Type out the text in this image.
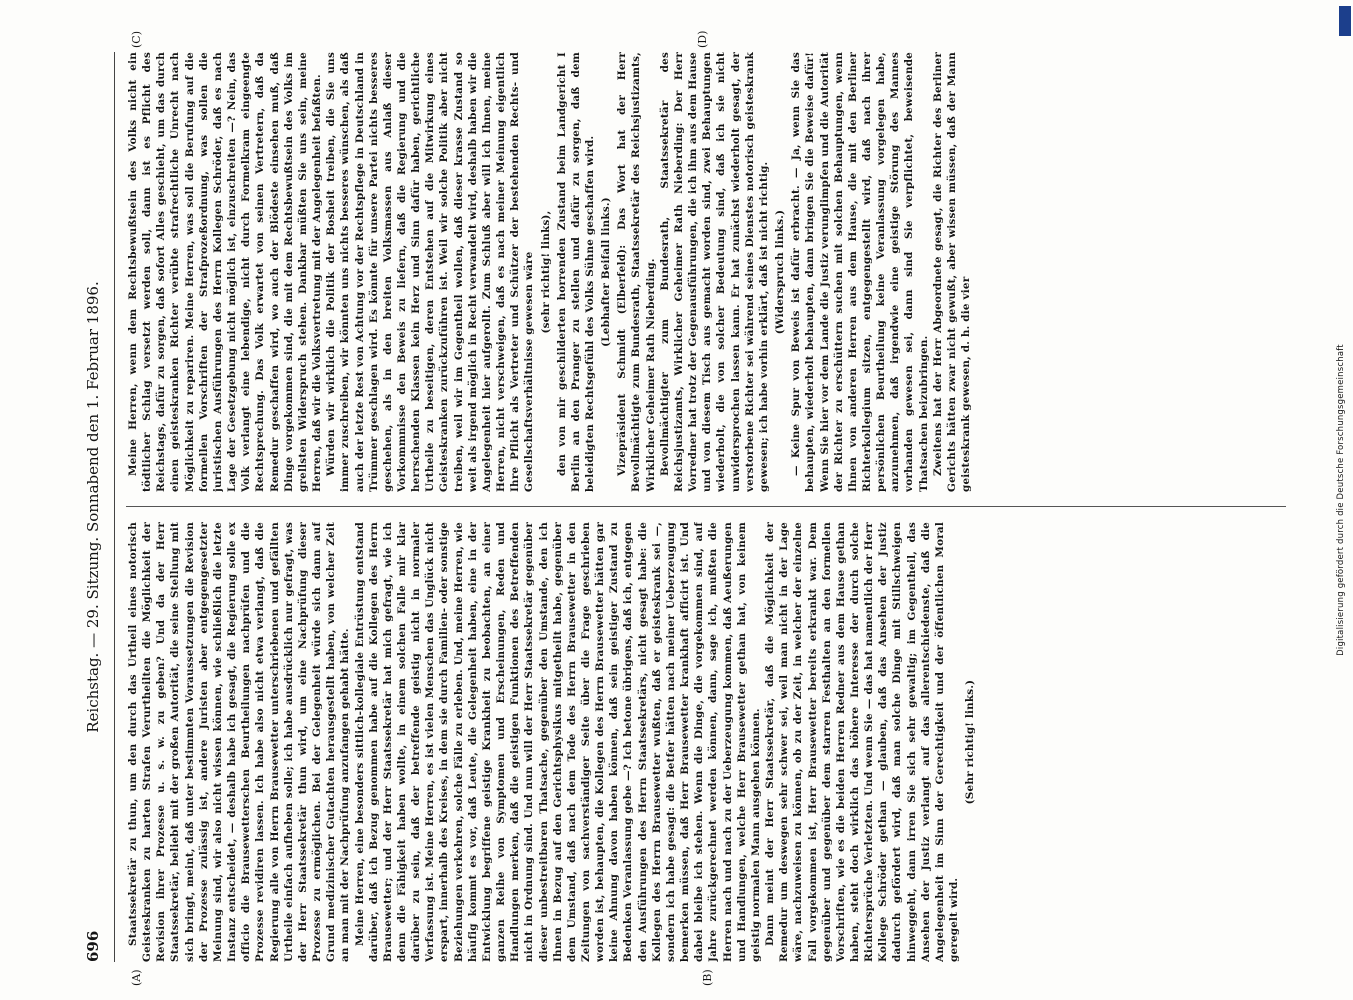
Digitalisierung gefördert durch die Deutsche Forschungsgemeinschaft
696
Reichstag. — 29. Sitzung. Sonnabend den 1. Februar 1896.
(A)	(B)
(C)	(D)

Staatssekretär zu thun, um den durch das Urtheil eines notorisch Geisteskranken zu harten Strafen Verurtheilten die Möglichkeit der Revision ihrer Prozesse u. s. w. zu geben? Und da der Herr Staatssekretär, beliebt mit der großen Autorität, die seine Stellung mit sich bringt, meint, daß unter bestimmten Voraussetzungen die Revision der Prozesse zulässig ist, andere Juristen aber entgegengesetzter Meinung sind, wir also nicht wissen können, wie schließlich die letzte Instanz entscheidet, — deshalb habe ich gesagt, die Regierung solle ex officio die Brausewetterschen Beurtheilungen nachprüfen und die Prozesse revidiren lassen. Ich habe also nicht etwa verlangt, daß die Regierung alle von Herrn Brausewetter unterschriebenen und gefällten Urtheile einfach aufheben solle; ich habe ausdrücklich nur gefragt, was der Herr Staatssekretär thun wird, um eine Nachprüfung dieser Prozesse zu ermöglichen. Bei der Gelegenheit würde sich dann auf Grund medizinischer Gutachten herausgestellt haben, von welcher Zeit an man mit der Nachprüfung anzufangen gehabt hätte. Meine Herren, eine besonders sittlich-kollegiale Entrüstung entstand darüber, daß ich Bezug genommen habe auf die Kollegen des Herrn Brausewetter; und der Herr Staatssekretär hat mich gefragt, wie ich denn die Fähigkeit haben wollte, in einem solchen Falle mir klar darüber zu sein, daß der betreffende geistig nicht in normaler Verfassung ist. Meine Herren, es ist vielen Menschen das Unglück nicht erspart, innerhalb des Kreises, in dem sie durch Familien- oder sonstige Beziehungen verkehren, solche Fälle zu erleben. Und, meine Herren, wie häufig kommt es vor, daß Leute, die Gelegenheit haben, eine in der Entwicklung begriffene geistige Krankheit zu beobachten, an einer ganzen Reihe von Symptomen und Erscheinungen, Reden und Handlungen merken, daß die geistigen Funktionen des Betreffenden nicht in Ordnung sind. Und nun will der Herr Staatssekretär gegenüber dieser unbestreitbaren Thatsache, gegenüber den Umstande, den ich Ihnen in Bezug auf den Gerichtsphysikus mitgetheilt habe, gegenüber dem Umstand, daß nach dem Tode des Herrn Brausewetter in den Zeitungen von sachverständiger Seite über die Frage geschrieben worden ist, behaupten, die Kollegen des Herrn Brausewetter hätten gar keine Ahnung davon haben können, daß sein geistiger Zustand zu Bedenken Veranlassung gebe —? Ich betone übrigens, daß ich, entgegen den Ausführungen des Herrn Staatssekretärs, nicht gesagt habe: die Kollegen des Herrn Brausewetter wußten, daß er geisteskrank sei —, sondern ich habe gesagt: die Betfer hätten nach meiner Ueberzeugung bemerken müssen, daß Herr Brausewetter krankhaft afficirt ist. Und dabei bleibe ich stehen. Wenn die Dinge, die vorgekommen sind, auf Jahre zurückgerechnet werden können, dann, sage ich, mußten die Herren nach und nach zu der Ueberzeugung kommen, daß Aeußerungen und Handlungen, welche Herr Brausewetter gethan hat, von keinem geistig normalen Mann ausgehen können. Dann meint der Herr Staatssekretär, daß die Möglichkeit der Remedur um deswegen sehr schwer sei, weil man nicht in der Lage wäre, nachzuweisen zu können, ob zu der Zeit, in welcher der einzelne Fall vorgekommen ist, Herr Brausewetter bereits erkrankt war. Dem gegenüber und gegenüber dem starren Festhalten an den formellen Vorschriften, wie es die beiden Herren Redner aus dem Hause gethan haben, steht doch wirklich das höhere Interesse der durch solche Richtersprüche Verletzten. Und wenn Sie — das hat namentlich der Herr Kollege Schröder gethan — glauben, daß das Ansehen der Justiz dadurch gefördert wird, daß man solche Dinge mit Stillschweigen hinweggeht, dann irren Sie sich sehr gewaltig; im Gegentheil, das Ansehen der Justiz verlangt auf das allerentschiedenste, daß die Angelegenheit im Sinn der Gerechtigkeit und der öffentlichen Moral geregelt wird.

(Sehr richtig! links.)

Meine Herren, wenn dem Rechtsbewußtsein des Volks nicht ein tödtlicher Schlag versetzt werden soll, dann ist es Pflicht des Reichstags, dafür zu sorgen, daß sofort Alles geschieht, um das durch einen geisteskranken Richter verübte strafrechtliche Unrecht nach Möglichkeit zu repariren. Meine Herren, was soll die Berufung auf die formellen Vorschriften der Strafprozeßordnung, was sollen die juristischen Ausführungen des Herrn Kollegen Schröder, daß es nach Lage der Gesetzgebung nicht möglich ist, einzuschreiten —? Nein, das Volk verlangt eine lebendige, nicht durch Formelkram eingeengte Rechtsprechung. Das Volk erwartet von seinen Vertretern, daß da Remedur geschaffen wird, wo auch der Blödeste einsehen muß, daß Dinge vorgekommen sind, die mit dem Rechtsbewußtsein des Volks im grellsten Widerspruch stehen. Dankbar müßten Sie uns sein, meine Herren, daß wir die Volksvertretung mit der Angelegenheit befaßten. Würden wir wirklich die Politik der Bosheit treiben, die Sie uns immer zuschreiben, wir könnten uns nichts besseres wünschen, als daß auch der letzte Rest von Achtung vor der Rechtspflege in Deutschland in Trümmer geschlagen wird. Es könnte für unsere Partei nichts besseres geschehen, als in den breiten Volksmassen aus Anlaß dieser Vorkommnisse den Beweis zu liefern, daß die Regierung und die herrschenden Klassen kein Herz und Sinn dafür haben, gerichtliche Urtheile zu beseitigen, deren Entstehen auf die Mitwirkung eines Geisteskranken zurückzuführen ist. Weil wir solche Politik aber nicht treiben, weil wir im Gegentheil wollen, daß dieser krasse Zustand so weit als irgend möglich in Recht verwandelt wird, deshalb haben wir die Angelegenheit hier aufgerollt. Zum Schluß aber will ich Ihnen, meine Herren, nicht verschweigen, daß es nach meiner Meinung eigentlich Ihre Pflicht als Vertreter und Schützer der bestehenden Rechts- und Gesellschaftsverhältnisse gewesen wäre (sehr richtig! links), den von mir geschilderten horrenden Zustand beim Landgericht I Berlin an den Pranger zu stellen und dafür zu sorgen, daß dem beleidigten Rechtsgefühl des Volks Sühne geschaffen wird. (Lebhafter Beifall links.) Vizepräsident Schmidt (Elberfeld): Das Wort hat der Herr Bevollmächtigte zum Bundesrath, Staatssekretär des Reichsjustizamts, Wirklicher Geheimer Rath Nieberding. Bevollmächtigter zum Bundesrath, Staatssekretär des Reichsjustizamts, Wirklicher Geheimer Rath Nieberding: Der Herr Vorredner hat trotz der Gegenausführungen, die ich ihm aus dem Hause und von diesem Tisch aus gemacht worden sind, zwei Behauptungen wiederholt, die von solcher Bedeutung sind, daß ich sie nicht unwidersprochen lassen kann. Er hat zunächst wiederholt gesagt, der verstorbene Richter sei während seines Dienstes notorisch geisteskrank gewesen; ich habe vorhin erklärt, daß ist nicht richtig. (Widerspruch links.) — Keine Spur von Beweis ist dafür erbracht. — Ja, wenn Sie das behaupten, wiederholt behaupten, dann bringen Sie die Beweise dafür! Wenn Sie hier vor dem Lande die Justiz verunglimpfen und die Autorität der Richter zu erschüttern suchen mit solchen Behauptungen, wenn Ihnen von anderen Herren aus dem Hause, die mit den Berliner Richterkollegium sitzen, entgegengestellt wird, daß nach ihrer persönlichen Beurtheilung keine Veranlassung vorgelegen habe, anzunehmen, daß irgendwie eine geistige Störung des Mannes vorhanden gewesen sei, dann sind Sie verpflichtet, beweisende Thatsachen beizubringen. Zweitens hat der Herr Abgeordnete gesagt, die Richter des Berliner Gerichts hätten zwar nicht gewußt, aber wissen müssen, daß der Mann geisteskrank gewesen, d. h. die vier
